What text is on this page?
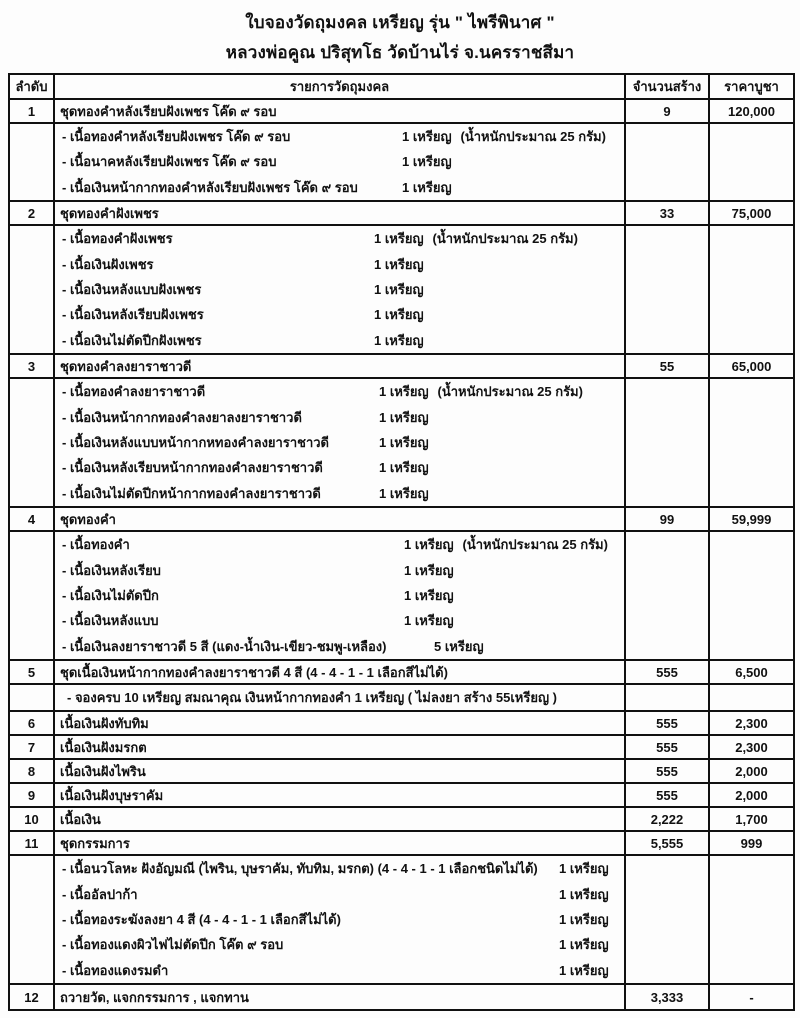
ใบจองวัดถุมงคล เหรียญ รุ่น " ไพรีพินาศ "
หลวงพ่อคูณ ปริสุทโธ วัดบ้านไร่ จ.นครราชสีมา
ลำดับ	รายการวัดถุมงคล	จำนวนสร้าง	ราคาบูชา
1	ชุดทองคำหลังเรียบฝังเพชร โค๊ด ๙ รอบ	9	120,000
- เนื้อทองคำหลังเรียบฝังเพชร โค๊ด ๙ รอบ	1 เหรียญ (น้ำหนักประมาณ 25 กรัม)
- เนื้อนาคหลังเรียบฝังเพชร โค๊ด ๙ รอบ	1 เหรียญ
- เนื้อเงินหน้ากากทองคำหลังเรียบฝังเพชร โค๊ด ๙ รอบ	1 เหรียญ
2	ชุดทองคำฝังเพชร	33	75,000
- เนื้อทองคำฝังเพชร	1 เหรียญ (น้ำหนักประมาณ 25 กรัม)
- เนื้อเงินฝังเพชร	1 เหรียญ
- เนื้อเงินหลังแบบฝังเพชร	1 เหรียญ
- เนื้อเงินหลังเรียบฝังเพชร	1 เหรียญ
- เนื้อเงินไม่ตัดปีกฝังเพชร	1 เหรียญ
3	ชุดทองคำลงยาราชาวดี	55	65,000
- เนื้อทองคำลงยาราชาวดี	1 เหรียญ (น้ำหนักประมาณ 25 กรัม)
- เนื้อเงินหน้ากากทองคำลงยาลงยาราชาวดี	1 เหรียญ
- เนื้อเงินหลังแบบหน้ากากหทองคำลงยาราชาวดี	1 เหรียญ
- เนื้อเงินหลังเรียบหน้ากากทองคำลงยาราชาวดี	1 เหรียญ
- เนื้อเงินไม่ตัดปีกหน้ากากทองคำลงยาราชาวดี	1 เหรียญ
4	ชุดทองคำ	99	59,999
- เนื้อทองคำ	1 เหรียญ (น้ำหนักประมาณ 25 กรัม)
- เนื้อเงินหลังเรียบ	1 เหรียญ
- เนื้อเงินไม่ตัดปีก	1 เหรียญ
- เนื้อเงินหลังแบบ	1 เหรียญ
- เนื้อเงินลงยาราชาวดี 5 สี (แดง-น้ำเงิน-เขียว-ชมพู-เหลือง)	5 เหรียญ
5	ชุดเนื้อเงินหน้ากากทองคำลงยาราชาวดี 4 สี (4 - 4 - 1 - 1 เลือกสีไม่ได้)	555	6,500
- จองครบ 10 เหรียญ สมณาคุณ เงินหน้ากากทองคำ 1 เหรียญ ( ไม่ลงยา สร้าง 55เหรียญ )
6	เนื้อเงินฝังทับทิม	555	2,300
7	เนื้อเงินฝังมรกต	555	2,300
8	เนื้อเงินฝังไพริน	555	2,000
9	เนื้อเงินฝังบุษราคัม	555	2,000
10	เนื้อเงิน	2,222	1,700
11	ชุดกรรมการ	5,555	999
- เนื้อนวโลหะ ฝังอัญมณี (ไพริน, บุษราคัม, ทับทิม, มรกต) (4 - 4 - 1 - 1 เลือกชนิดไม่ได้) 1 เหรียญ
- เนื้ออัลปาก้า	1 เหรียญ
- เนื้อทองระฆังลงยา 4 สี (4 - 4 - 1 - 1 เลือกสีไม่ได้)	1 เหรียญ
- เนื้อทองแดงผิวไฟไม่ตัดปีก โค๊ต ๙ รอบ	1 เหรียญ
- เนื้อทองแดงรมดำ	1 เหรียญ
12	ถวายวัด, แจกกรรมการ , แจกทาน	3,333	-
